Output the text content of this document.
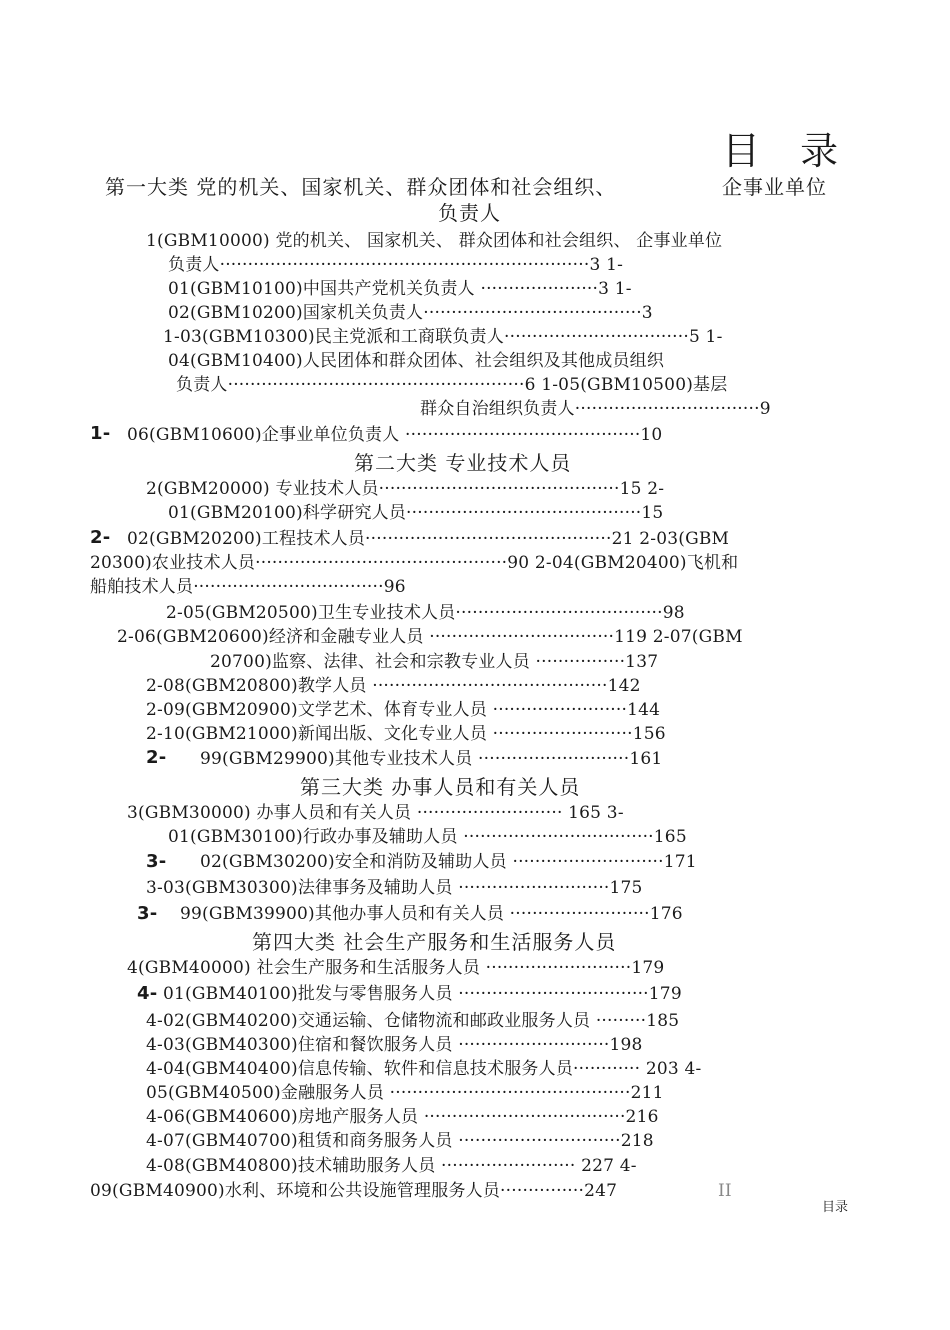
目 录
第一大类 党的机关、国家机关、群众团体和社会组织、	企事业单位
负责人
1(GBM10000) 党的机关、 国家机关、 群众团体和社会组织、 企事业单位
负责人··································································3 1-
01(GBM10100)中国共产党机关负责人 ·····················3 1-
02(GBM10200)国家机关负责人·······································3
1-03(GBM10300)民主党派和工商联负责人·································5 1-
04(GBM10400)人民团体和群众团体、社会组织及其他成员组织
负责人·····················································6 1-05(GBM10500)基层
群众自治组织负责人·································9
1- 06(GBM10600)企事业单位负责人 ··········································10
第二大类 专业技术人员
2(GBM20000) 专业技术人员···········································15 2-
01(GBM20100)科学研究人员··········································15
2- 02(GBM20200)工程技术人员············································21 2-03(GBM
20300)农业技术人员·············································90 2-04(GBM20400)飞机和
船舶技术人员··································96
2-05(GBM20500)卫生专业技术人员·····································98
2-06(GBM20600)经济和金融专业人员 ·································119 2-07(GBM
20700)监察、法律、社会和宗教专业人员 ················137
2-08(GBM20800)教学人员 ··········································142
2-09(GBM20900)文学艺术、体育专业人员 ························144
2-10(GBM21000)新闻出版、文化专业人员 ·························156
2- 99(GBM29900)其他专业技术人员 ···························161
第三大类 办事人员和有关人员
3(GBM30000) 办事人员和有关人员 ·························· 165 3-
01(GBM30100)行政办事及辅助人员 ··································165
3- 02(GBM30200)安全和消防及辅助人员 ···························171
3-03(GBM30300)法律事务及辅助人员 ···························175
3- 99(GBM39900)其他办事人员和有关人员 ·························176
第四大类 社会生产服务和生活服务人员
4(GBM40000) 社会生产服务和生活服务人员 ··························179
4- 01(GBM40100)批发与零售服务人员 ··································179
4-02(GBM40200)交通运输、仓储物流和邮政业服务人员 ·········185
4-03(GBM40300)住宿和餐饮服务人员 ···························198
4-04(GBM40400)信息传输、软件和信息技术服务人员············ 203 4-
05(GBM40500)金融服务人员 ···········································211
4-06(GBM40600)房地产服务人员 ····································216
4-07(GBM40700)租赁和商务服务人员 ·····························218
4-08(GBM40800)技术辅助服务人员 ························ 227 4-
09(GBM40900)水利、环境和公共设施管理服务人员···············247	II
目录
